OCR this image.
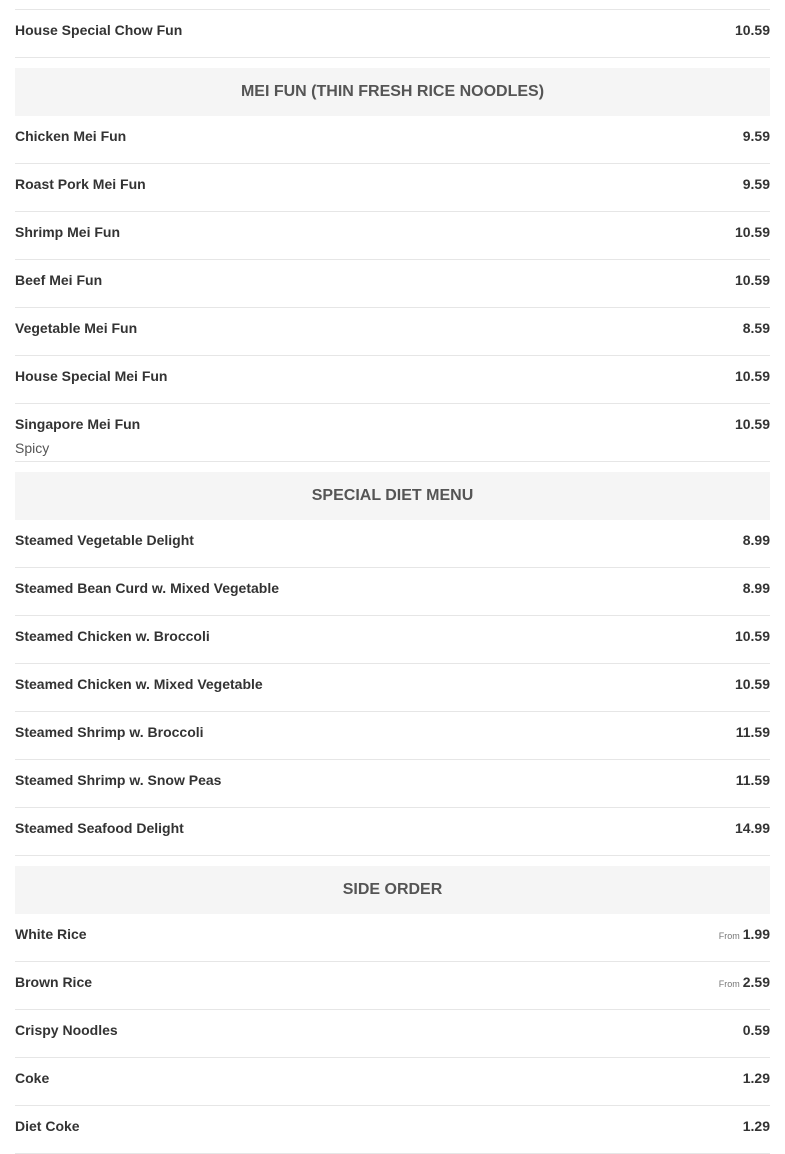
House Special Chow Fun	10.59
MEI FUN (THIN FRESH RICE NOODLES)
Chicken Mei Fun	9.59
Roast Pork Mei Fun	9.59
Shrimp Mei Fun	10.59
Beef Mei Fun	10.59
Vegetable Mei Fun	8.59
House Special Mei Fun	10.59
Singapore Mei Fun	10.59
Spicy
SPECIAL DIET MENU
Steamed Vegetable Delight	8.99
Steamed Bean Curd w. Mixed Vegetable	8.99
Steamed Chicken w. Broccoli	10.59
Steamed Chicken w. Mixed Vegetable	10.59
Steamed Shrimp w. Broccoli	11.59
Steamed Shrimp w. Snow Peas	11.59
Steamed Seafood Delight	14.99
SIDE ORDER
White Rice	From 1.99
Brown Rice	From 2.59
Crispy Noodles	0.59
Coke	1.29
Diet Coke	1.29
